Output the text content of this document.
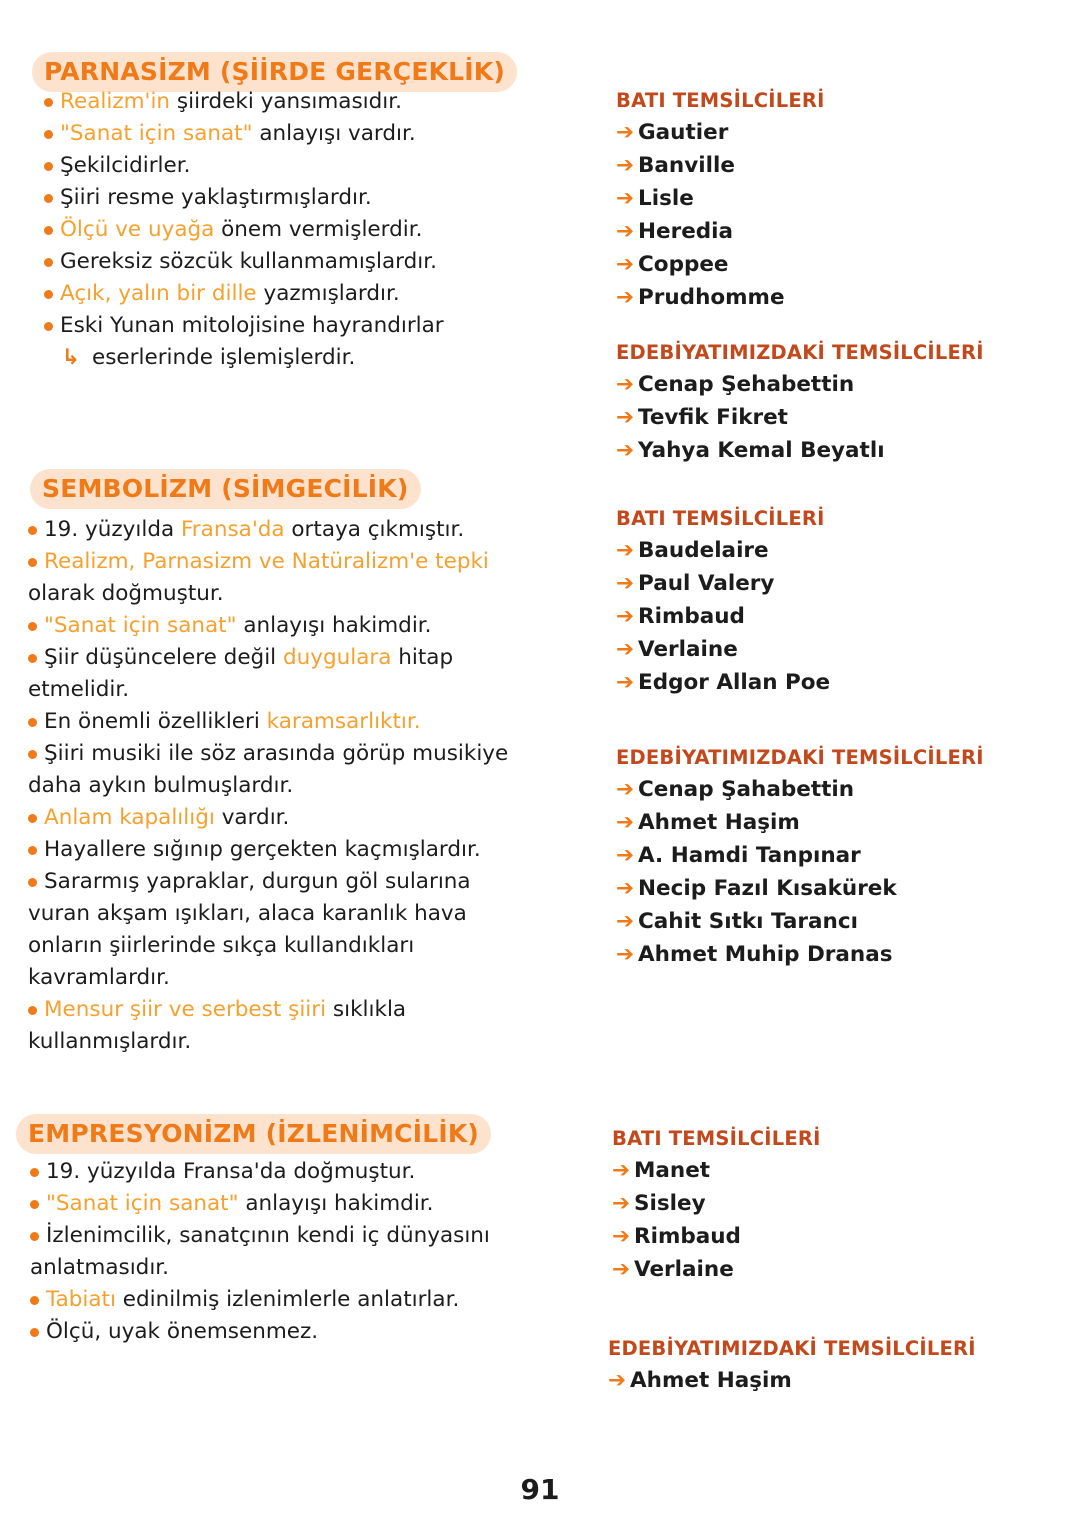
PARNASİZM (ŞİİRDE GERÇEKLİK)
Realizm'in şiirdeki yansımasıdır.
"Sanat için sanat" anlayışı vardır.
Şekilcidirler.
Şiiri resme yaklaştırmışlardır.
Ölçü ve uyağa önem vermişlerdir.
Gereksiz sözcük kullanmamışlardır.
Açık, yalın bir dille yazmışlardır.
Eski Yunan mitolojisine hayrandırlar
↳ eserlerinde işlemişlerdir.
BATI TEMSİLCİLERİ
➔ Gautier
➔ Banville
➔ Lisle
➔ Heredia
➔ Coppee
➔ Prudhomme
EDEBİYATIMIZDAKİ TEMSİLCİLERİ
➔ Cenap Şehabettin
➔ Tevfik Fikret
➔ Yahya Kemal Beyatlı
SEMBOLİZM (SİMGECİLİK)
19. yüzyılda Fransa'da ortaya çıkmıştır.
Realizm, Parnasizm ve Natüralizm'e tepki
olarak doğmuştur.
"Sanat için sanat" anlayışı hakimdir.
Şiir düşüncelere değil duygulara hitap
etmelidir.
En önemli özellikleri karamsarlıktır.
Şiiri musiki ile söz arasında görüp musikiye
daha aykın bulmuşlardır.
Anlam kapalılığı vardır.
Hayallere sığınıp gerçekten kaçmışlardır.
Sararmış yapraklar, durgun göl sularına
vuran akşam ışıkları, alaca karanlık hava
onların şiirlerinde sıkça kullandıkları
kavramlardır.
Mensur şiir ve serbest şiiri sıklıkla
kullanmışlardır.
BATI TEMSİLCİLERİ
➔ Baudelaire
➔ Paul Valery
➔ Rimbaud
➔ Verlaine
➔ Edgor Allan Poe
EDEBİYATIMIZDAKİ TEMSİLCİLERİ
➔ Cenap Şahabettin
➔ Ahmet Haşim
➔ A. Hamdi Tanpınar
➔ Necip Fazıl Kısakürek
➔ Cahit Sıtkı Tarancı
➔ Ahmet Muhip Dranas
EMPRESYONİZM (İZLENİMCİLİK)
19. yüzyılda Fransa'da doğmuştur.
"Sanat için sanat" anlayışı hakimdir.
İzlenimcilik, sanatçının kendi iç dünyasını
anlatmasıdır.
Tabiatı edinilmiş izlenimlerle anlatırlar.
Ölçü, uyak önemsenmez.
BATI TEMSİLCİLERİ
➔ Manet
➔ Sisley
➔ Rimbaud
➔ Verlaine
EDEBİYATIMIZDAKİ TEMSİLCİLERİ
➔ Ahmet Haşim
91
